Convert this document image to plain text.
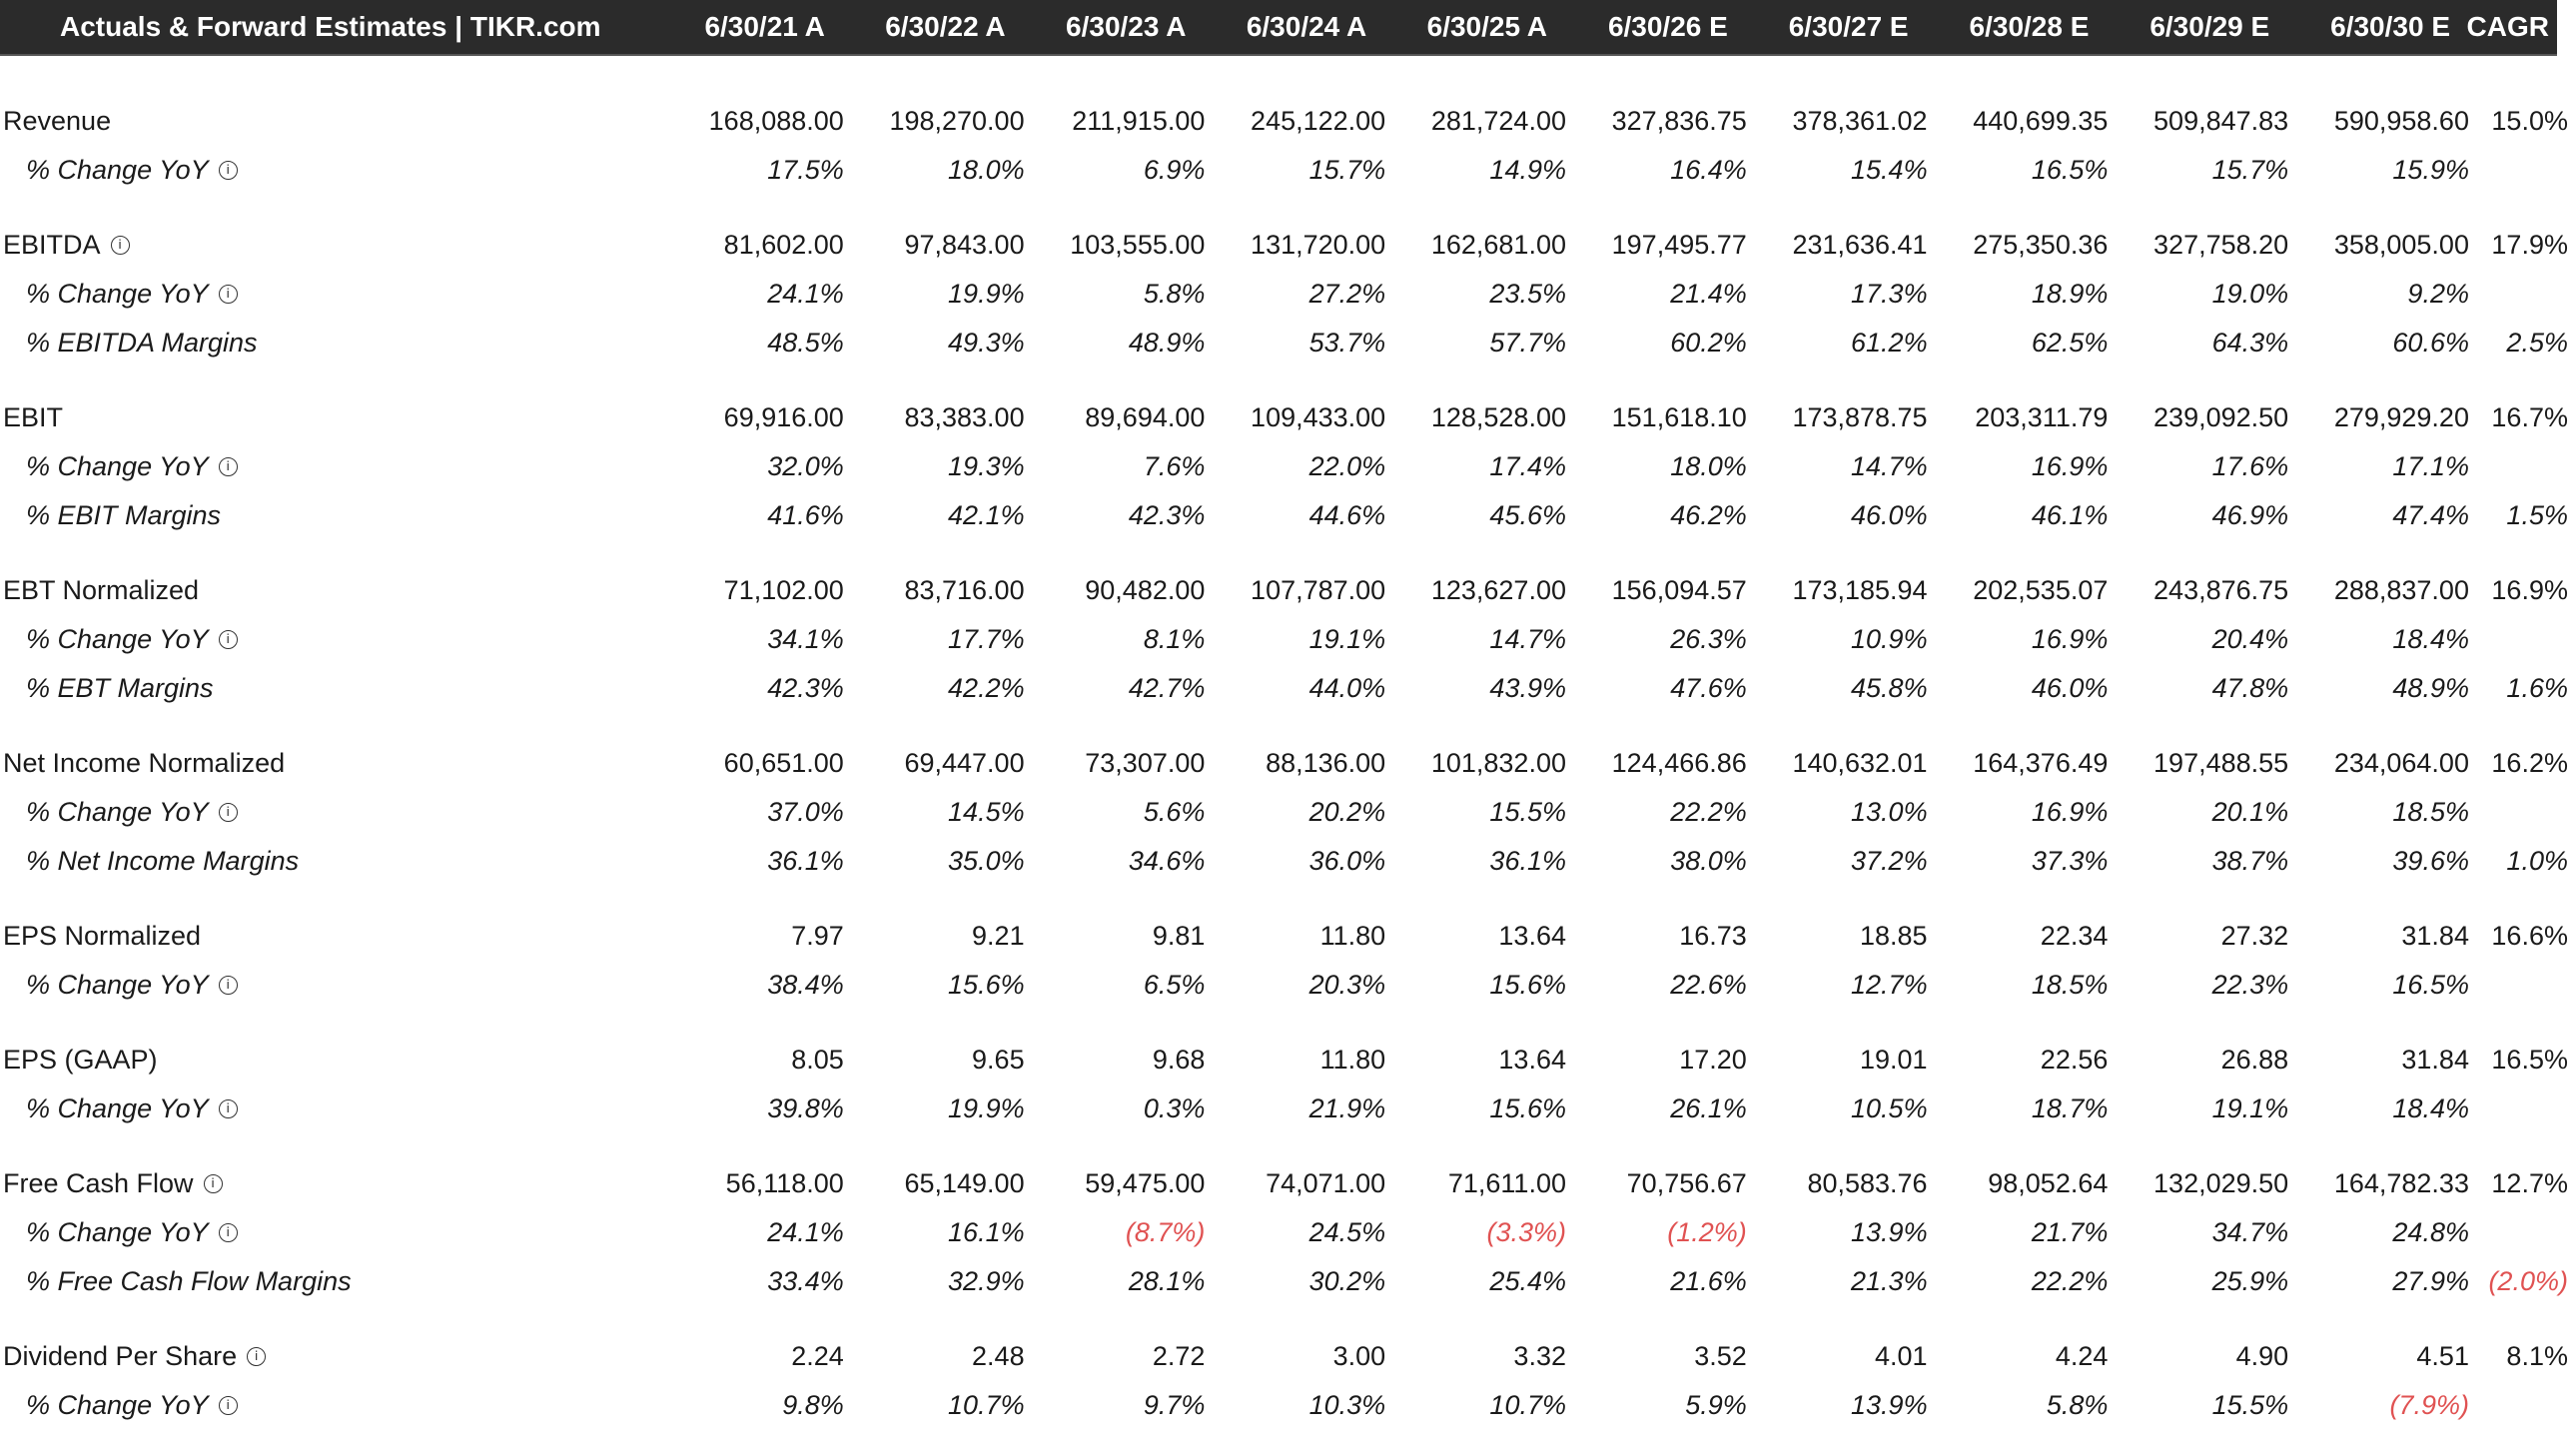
Actuals & Forward Estimates | TIKR.com	6/30/21 A	6/30/22 A	6/30/23 A	6/30/24 A	6/30/25 A	6/30/26 E	6/30/27 E	6/30/28 E	6/30/29 E	6/30/30 E CAGR
Revenue	168,088.00	198,270.00	211,915.00	245,122.00	281,724.00	327,836.75	378,361.02	440,699.35	509,847.83	590,958.60 15.0%
% Change YoY	i	17.5%	18.0%	6.9%	15.7%	14.9%	16.4%	15.4%	16.5%	15.7%	15.9%
EBITDA	i	81,602.00	97,843.00	103,555.00	131,720.00	162,681.00	197,495.77	231,636.41	275,350.36	327,758.20	358,005.00 17.9%
% Change YoY	i	24.1%	19.9%	5.8%	27.2%	23.5%	21.4%	17.3%	18.9%	19.0%	9.2%
% EBITDA Margins	48.5%	49.3%	48.9%	53.7%	57.7%	60.2%	61.2%	62.5%	64.3%	60.6%	2.5%
EBIT	69,916.00	83,383.00	89,694.00	109,433.00	128,528.00	151,618.10	173,878.75	203,311.79	239,092.50	279,929.20 16.7%
% Change YoY	i	32.0%	19.3%	7.6%	22.0%	17.4%	18.0%	14.7%	16.9%	17.6%	17.1%
% EBIT Margins	41.6%	42.1%	42.3%	44.6%	45.6%	46.2%	46.0%	46.1%	46.9%	47.4%	1.5%
EBT Normalized	71,102.00	83,716.00	90,482.00	107,787.00	123,627.00	156,094.57	173,185.94	202,535.07	243,876.75	288,837.00 16.9%
% Change YoY	i	34.1%	17.7%	8.1%	19.1%	14.7%	26.3%	10.9%	16.9%	20.4%	18.4%
% EBT Margins	42.3%	42.2%	42.7%	44.0%	43.9%	47.6%	45.8%	46.0%	47.8%	48.9%	1.6%
Net Income Normalized	60,651.00	69,447.00	73,307.00	88,136.00	101,832.00	124,466.86	140,632.01	164,376.49	197,488.55	234,064.00 16.2%
% Change YoY	i	37.0%	14.5%	5.6%	20.2%	15.5%	22.2%	13.0%	16.9%	20.1%	18.5%
% Net Income Margins	36.1%	35.0%	34.6%	36.0%	36.1%	38.0%	37.2%	37.3%	38.7%	39.6%	1.0%
EPS Normalized	7.97	9.21	9.81	11.80	13.64	16.73	18.85	22.34	27.32	31.84 16.6%
% Change YoY	i	38.4%	15.6%	6.5%	20.3%	15.6%	22.6%	12.7%	18.5%	22.3%	16.5%
EPS (GAAP)	8.05	9.65	9.68	11.80	13.64	17.20	19.01	22.56	26.88	31.84 16.5%
% Change YoY	i	39.8%	19.9%	0.3%	21.9%	15.6%	26.1%	10.5%	18.7%	19.1%	18.4%
Free Cash Flow	i	56,118.00	65,149.00	59,475.00	74,071.00	71,611.00	70,756.67	80,583.76	98,052.64	132,029.50	164,782.33 12.7%
% Change YoY	i	24.1%	16.1%	(8.7%)	24.5%	(3.3%)	(1.2%)	13.9%	21.7%	34.7%	24.8%
% Free Cash Flow Margins	33.4%	32.9%	28.1%	30.2%	25.4%	21.6%	21.3%	22.2%	25.9%	27.9% (2.0%)
Dividend Per Share	i	2.24	2.48	2.72	3.00	3.32	3.52	4.01	4.24	4.90	4.51	8.1%
% Change YoY	i	9.8%	10.7%	9.7%	10.3%	10.7%	5.9%	13.9%	5.8%	15.5%	(7.9%)
